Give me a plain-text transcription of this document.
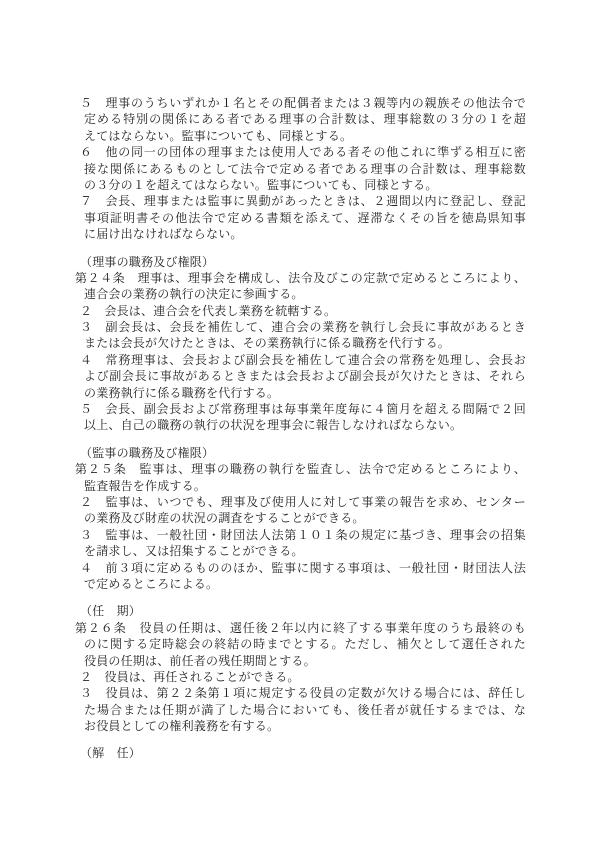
５　理事のうちいずれか１名とその配偶者または３親等内の親族その他法令で
定める特別の関係にある者である理事の合計数は、理事総数の３分の１を超
えてはならない。監事についても、同様とする。
６　他の同一の団体の理事または使用人である者その他これに準ずる相互に密
接な関係にあるものとして法令で定める者である理事の合計数は、理事総数
の３分の１を超えてはならない。監事についても、同様とする。
７　会長、理事または監事に異動があったときは、２週間以内に登記し、登記
事項証明書その他法令で定める書類を添えて、遅滞なくその旨を徳島県知事
に届け出なければならない。
（理事の職務及び権限）
第２４条　理事は、理事会を構成し、法令及びこの定款で定めるところにより、
連合会の業務の執行の決定に参画する。
２　会長は、連合会を代表し業務を統轄する。
３　副会長は、会長を補佐して、連合会の業務を執行し会長に事故があるとき
または会長が欠けたときは、その業務執行に係る職務を代行する。
４　常務理事は、会長および副会長を補佐して連合会の常務を処理し、会長お
よび副会長に事故があるときまたは会長および副会長が欠けたときは、それら
の業務執行に係る職務を代行する。
５　会長、副会長および常務理事は毎事業年度毎に４箇月を超える間隔で２回
以上、自己の職務の執行の状況を理事会に報告しなければならない。
（監事の職務及び権限）
第２５条　監事は、理事の職務の執行を監査し、法令で定めるところにより、
監査報告を作成する。
２　監事は、いつでも、理事及び使用人に対して事業の報告を求め、センター
の業務及び財産の状況の調査をすることができる。
３　監事は、一般社団・財団法人法第１０１条の規定に基づき、理事会の招集
を請求し、又は招集することができる。
４　前３項に定めるもののほか、監事に関する事項は、一般社団・財団法人法
で定めるところによる。
（任　期）
第２６条　役員の任期は、選任後２年以内に終了する事業年度のうち最終のも
のに関する定時総会の終結の時までとする。ただし、補欠として選任された
役員の任期は、前任者の残任期間とする。
２　役員は、再任されることができる。
３　役員は、第２２条第１項に規定する役員の定数が欠ける場合には、辞任し
た場合または任期が満了した場合においても、後任者が就任するまでは、な
お役員としての権利義務を有する。
（解　任）
